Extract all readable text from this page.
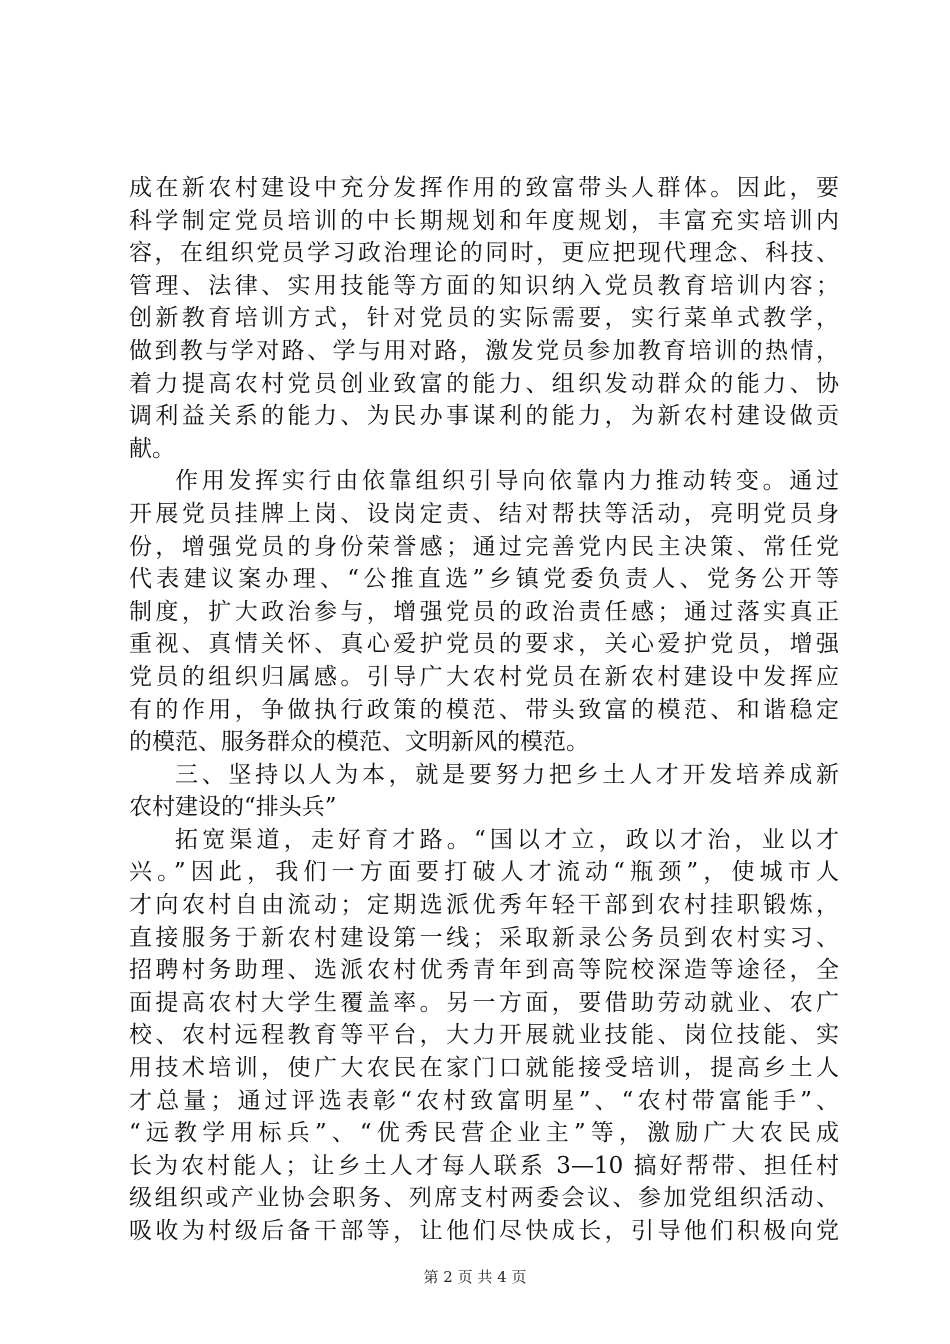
成在新农村建设中充分发挥作用的致富带头人群体。因此，要
科学制定党员培训的中长期规划和年度规划，丰富充实培训内
容，在组织党员学习政治理论的同时，更应把现代理念、科技、
管理、法律、实用技能等方面的知识纳入党员教育培训内容；
创新教育培训方式，针对党员的实际需要，实行菜单式教学，
做到教与学对路、学与用对路，激发党员参加教育培训的热情，
着力提高农村党员创业致富的能力、组织发动群众的能力、协
调利益关系的能力、为民办事谋利的能力，为新农村建设做贡
献。
作用发挥实行由依靠组织引导向依靠内力推动转变。通过
开展党员挂牌上岗、设岗定责、结对帮扶等活动，亮明党员身
份，增强党员的身份荣誉感；通过完善党内民主决策、常任党
代表建议案办理、“公推直选”乡镇党委负责人、党务公开等
制度，扩大政治参与，增强党员的政治责任感；通过落实真正
重视、真情关怀、真心爱护党员的要求，关心爱护党员，增强
党员的组织归属感。引导广大农村党员在新农村建设中发挥应
有的作用，争做执行政策的模范、带头致富的模范、和谐稳定
的模范、服务群众的模范、文明新风的模范。
三、坚持以人为本，就是要努力把乡土人才开发培养成新
农村建设的“排头兵”
拓宽渠道，走好育才路。“国以才立，政以才治，业以才
兴。”因此，我们一方面要打破人才流动“瓶颈”，使城市人
才向农村自由流动；定期选派优秀年轻干部到农村挂职锻炼，
直接服务于新农村建设第一线；采取新录公务员到农村实习、
招聘村务助理、选派农村优秀青年到高等院校深造等途径，全
面提高农村大学生覆盖率。另一方面，要借助劳动就业、农广
校、农村远程教育等平台，大力开展就业技能、岗位技能、实
用技术培训，使广大农民在家门口就能接受培训，提高乡土人
才总量；通过评选表彰“农村致富明星”、“农村带富能手”、
“远教学用标兵”、“优秀民营企业主”等，激励广大农民成
长为农村能人；让乡土人才每人联系 3—10 搞好帮带、担任村
级组织或产业协会职务、列席支村两委会议、参加党组织活动、
吸收为村级后备干部等，让他们尽快成长，引导他们积极向党
第 2 页 共 4 页
